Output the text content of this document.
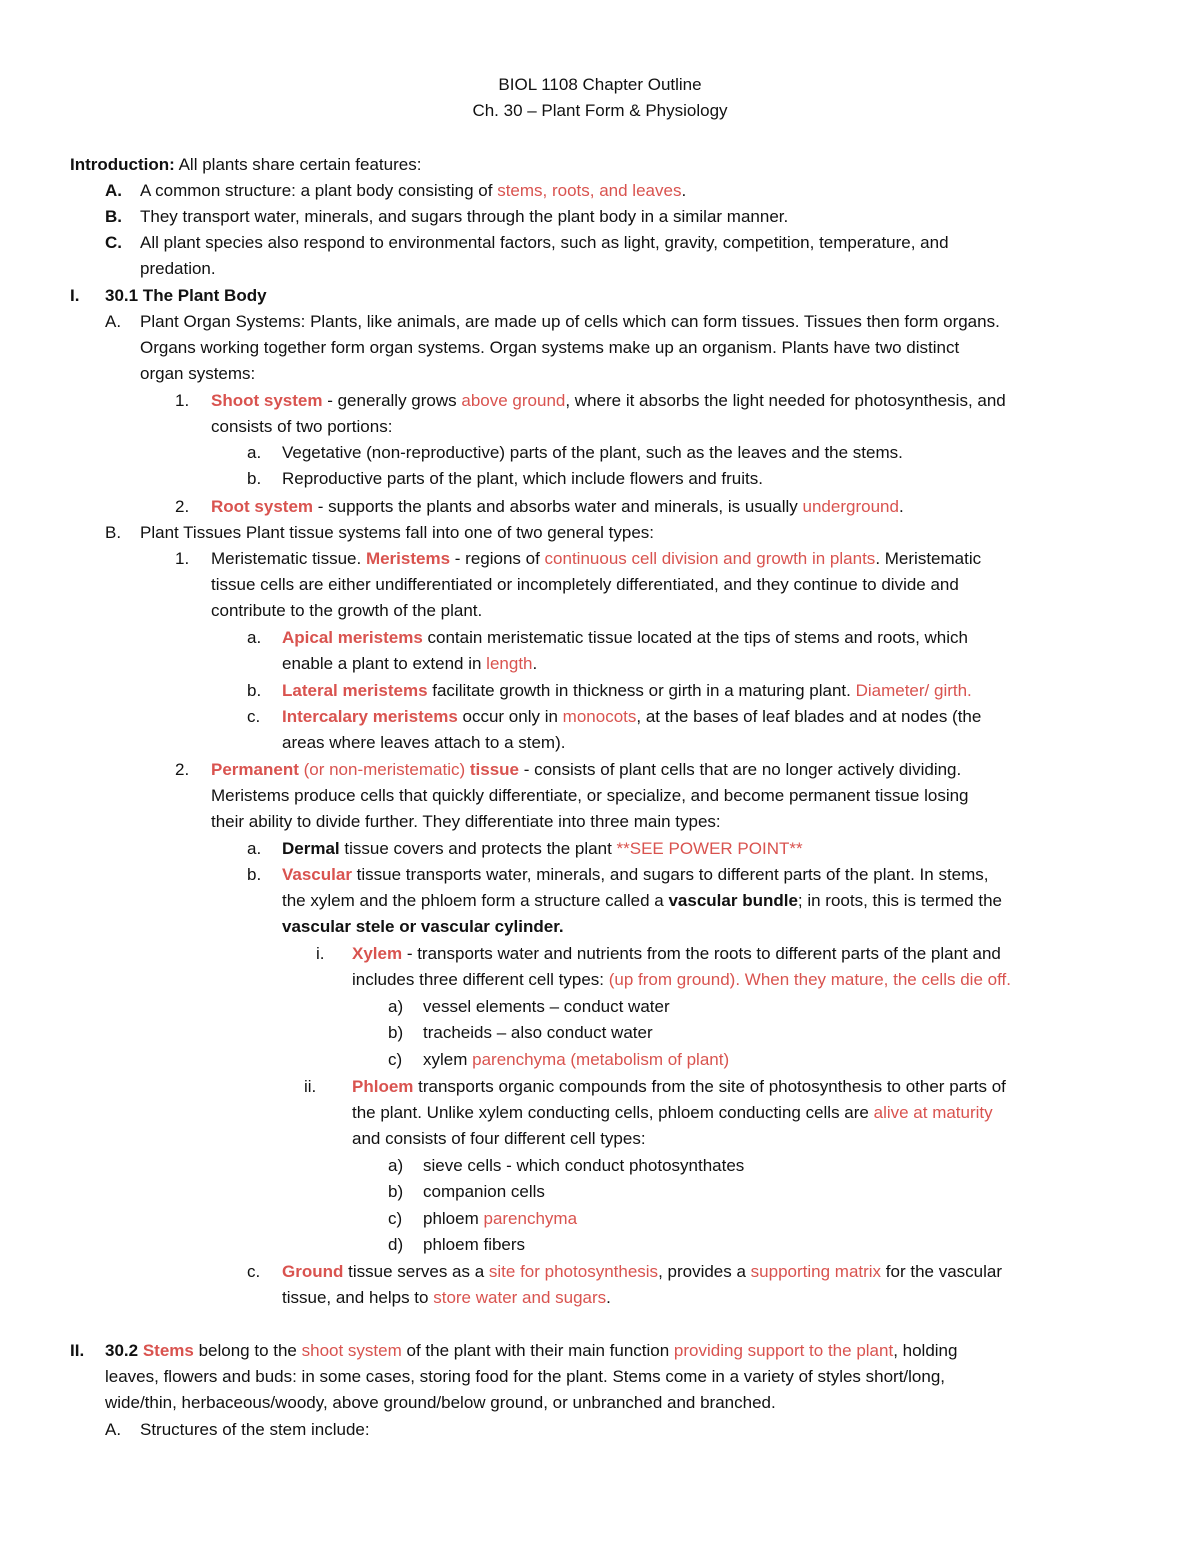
BIOL 1108 Chapter Outline
Ch. 30 – Plant Form & Physiology
Introduction: All plants share certain features:
A. A common structure: a plant body consisting of stems, roots, and leaves.
B. They transport water, minerals, and sugars through the plant body in a similar manner.
C. All plant species also respond to environmental factors, such as light, gravity, competition, temperature, and
predation.
I. 30.1 The Plant Body
A. Plant Organ Systems: Plants, like animals, are made up of cells which can form tissues. Tissues then form organs.
Organs working together form organ systems. Organ systems make up an organism. Plants have two distinct
organ systems:
1. Shoot system - generally grows above ground, where it absorbs the light needed for photosynthesis, and
consists of two portions:
a. Vegetative (non-reproductive) parts of the plant, such as the leaves and the stems.
b. Reproductive parts of the plant, which include flowers and fruits.
2. Root system - supports the plants and absorbs water and minerals, is usually underground.
B. Plant Tissues Plant tissue systems fall into one of two general types:
1. Meristematic tissue. Meristems - regions of continuous cell division and growth in plants. Meristematic
tissue cells are either undifferentiated or incompletely differentiated, and they continue to divide and
contribute to the growth of the plant.
a. Apical meristems contain meristematic tissue located at the tips of stems and roots, which
enable a plant to extend in length.
b. Lateral meristems facilitate growth in thickness or girth in a maturing plant. Diameter/ girth.
c. Intercalary meristems occur only in monocots, at the bases of leaf blades and at nodes (the
areas where leaves attach to a stem).
2. Permanent (or non-meristematic) tissue - consists of plant cells that are no longer actively dividing.
Meristems produce cells that quickly differentiate, or specialize, and become permanent tissue losing
their ability to divide further. They differentiate into three main types:
a. Dermal tissue covers and protects the plant **SEE POWER POINT**
b. Vascular tissue transports water, minerals, and sugars to different parts of the plant. In stems,
the xylem and the phloem form a structure called a vascular bundle; in roots, this is termed the
vascular stele or vascular cylinder.
i. Xylem - transports water and nutrients from the roots to different parts of the plant and
includes three different cell types: (up from ground). When they mature, the cells die off.
a) vessel elements – conduct water
b) tracheids – also conduct water
c) xylem parenchyma (metabolism of plant)
ii. Phloem transports organic compounds from the site of photosynthesis to other parts of
the plant. Unlike xylem conducting cells, phloem conducting cells are alive at maturity
and consists of four different cell types:
a) sieve cells - which conduct photosynthates
b) companion cells
c) phloem parenchyma
d) phloem fibers
c. Ground tissue serves as a site for photosynthesis, provides a supporting matrix for the vascular
tissue, and helps to store water and sugars.
II. 30.2 Stems belong to the shoot system of the plant with their main function providing support to the plant, holding
leaves, flowers and buds: in some cases, storing food for the plant. Stems come in a variety of styles short/long,
wide/thin, herbaceous/woody, above ground/below ground, or unbranched and branched.
A. Structures of the stem include:
